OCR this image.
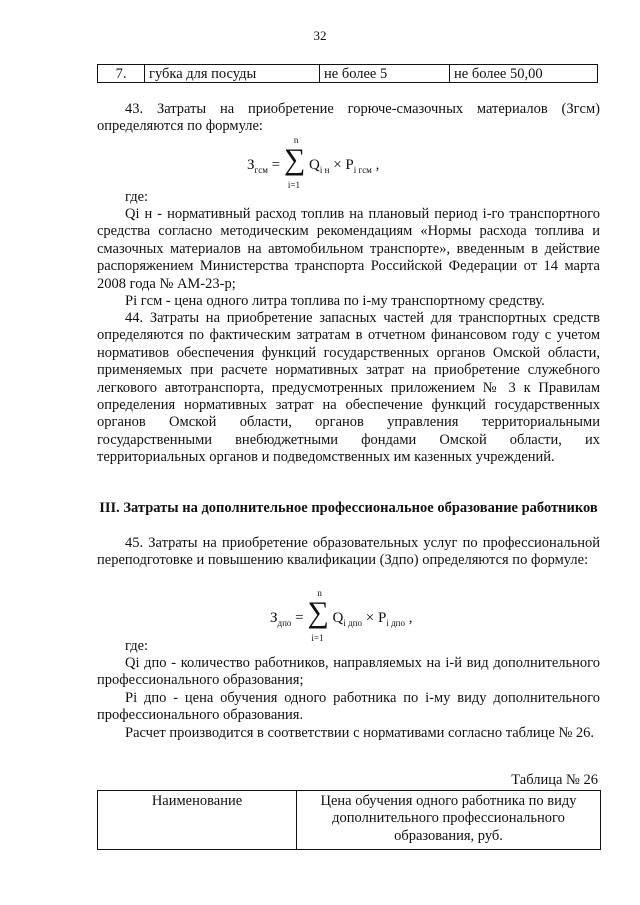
32
7.	губка для посуды	не более 5	не более 50,00
43. Затраты на приобретение горюче-смазочных материалов (Згсм) определяются по формуле:
$З_{гсм}$ = ∑
n
i=1
$Q_{i н} \times P_{i гсм}$ ,
где:
Qi н - нормативный расход топлив на плановый период i-го транспортного средства согласно методическим рекомендациям «Нормы расхода топлива и смазочных материалов на автомобильном транспорте», введенным в действие распоряжением Министерства транспорта Российской Федерации от 14 марта 2008 года № АМ-23-р;
Pi гсм - цена одного литра топлива по i-му транспортному средству.
44. Затраты на приобретение запасных частей для транспортных средств определяются по фактическим затратам в отчетном финансовом году с учетом нормативов обеспечения функций государственных органов Омской области, применяемых при расчете нормативных затрат на приобретение служебного легкового автотранспорта, предусмотренных приложением № 3 к Правилам определения нормативных затрат на обеспечение функций государственных органов Омской области, органов управления территориальными государственными внебюджетными фондами Омской области, их территориальных органов и подведомственных им казенных учреждений.
III. Затраты на дополнительное профессиональное образование работников
45. Затраты на приобретение образовательных услуг по профессиональной переподготовке и повышению квалификации (Здпо) определяются по формуле:
$З_{дпо}$ = ∑
n
i=1
$Q_{i дпо} \times P_{i дпо}$ ,
где:
Qi дпо - количество работников, направляемых на i-й вид дополнительного профессионального образования;
Pi дпо - цена обучения одного работника по i-му виду дополнительного профессионального образования.
Расчет производится в соответствии с нормативами согласно таблице № 26.
Таблица № 26
Наименование	Цена обучения одного работника по виду дополнительного профессионального образования, руб.
